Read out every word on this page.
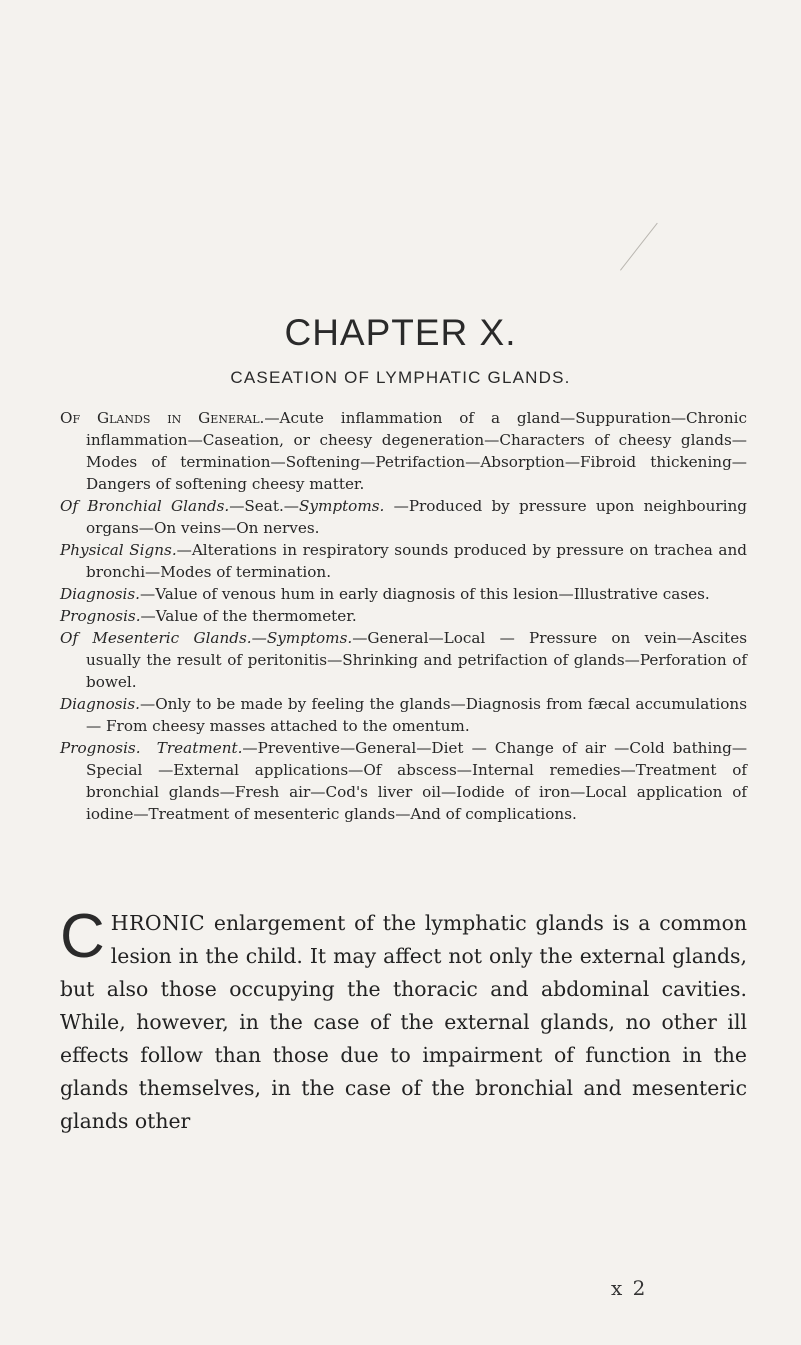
CHAPTER X.
CASEATION OF LYMPHATIC GLANDS.

Of Glands in General.—Acute inflammation of a gland—Suppuration—Chronic inflammation—Caseation, or cheesy degeneration—Characters of cheesy glands—Modes of termination—Softening—Petrifaction—Absorption—Fibroid thickening—Dangers of softening cheesy matter.

Of Bronchial Glands.—Seat.—Symptoms. —Produced by pressure upon neighbouring organs—On veins—On nerves.

Physical Signs.—Alterations in respiratory sounds produced by pressure on trachea and bronchi—Modes of termination.

Diagnosis.—Value of venous hum in early diagnosis of this lesion—Illustrative cases.

Prognosis.—Value of the thermometer.

Of Mesenteric Glands.—Symptoms.—General—Local — Pressure on vein—Ascites usually the result of peritonitis—Shrinking and petrifaction of glands—Perforation of bowel.

Diagnosis.—Only to be made by feeling the glands—Diagnosis from fæcal accumulations — From cheesy masses attached to the omentum.

Prognosis. Treatment.—Preventive—General—Diet — Change of air —Cold bathing—Special —External applications—Of abscess—Internal remedies—Treatment of bronchial glands—Fresh air—Cod's liver oil—Iodide of iron—Local application of iodine—Treatment of mesenteric glands—And of complications.

CHRONIC enlargement of the lymphatic glands is a common lesion in the child. It may affect not only the external glands, but also those occupying the thoracic and abdominal cavities. While, however, in the case of the external glands, no other ill effects follow than those due to impairment of function in the glands themselves, in the case of the bronchial and mesenteric glands other

x 2
